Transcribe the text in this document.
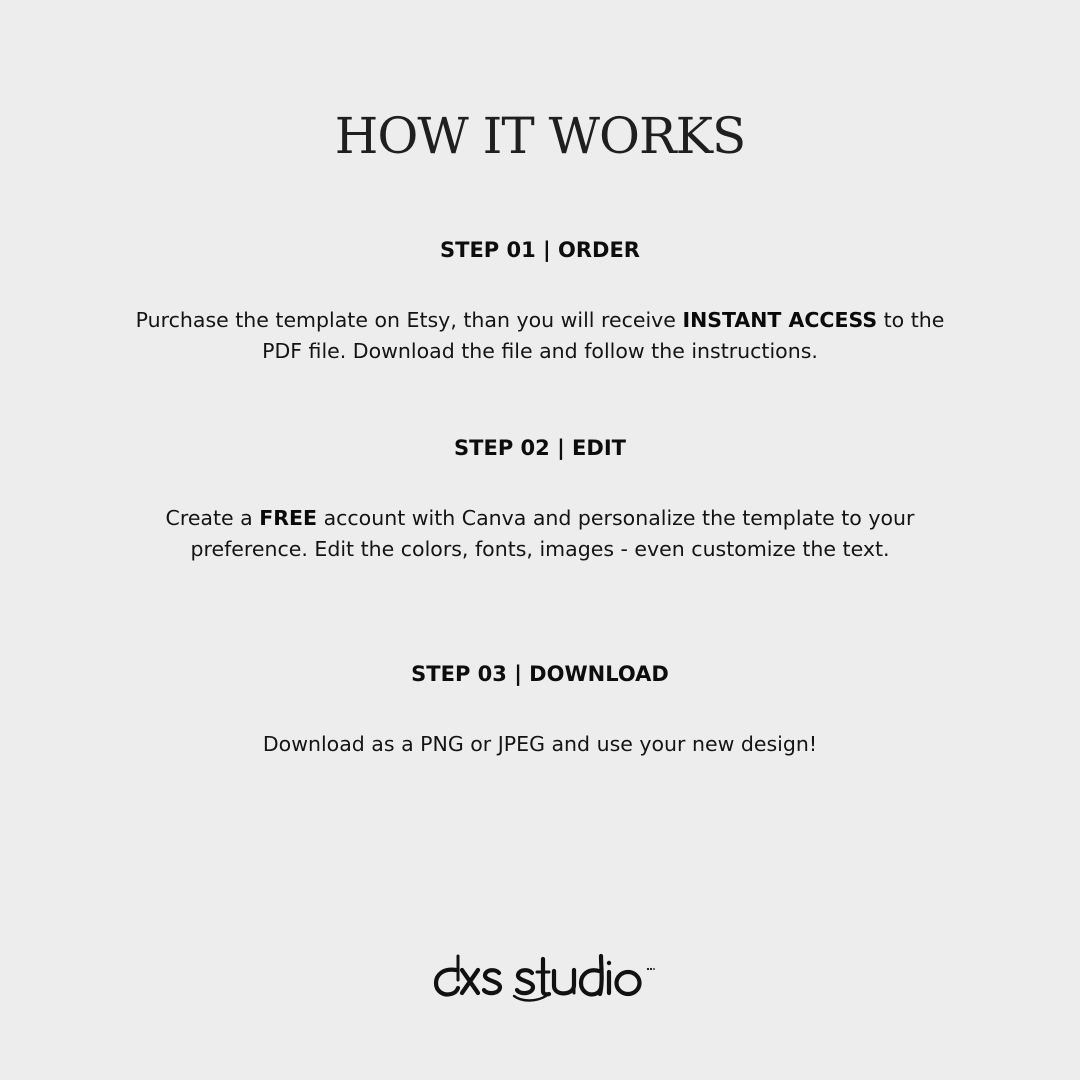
HOW IT WORKS
STEP 01 | ORDER

Purchase the template on Etsy, than you will receive INSTANT ACCESS to the PDF file. Download the file and follow the instructions.

STEP 02 | EDIT

Create a FREE account with Canva and personalize the template to your preference. Edit the colors, fonts, images - even customize the text.

STEP 03 | DOWNLOAD

Download as a PNG or JPEG and use your new design!
